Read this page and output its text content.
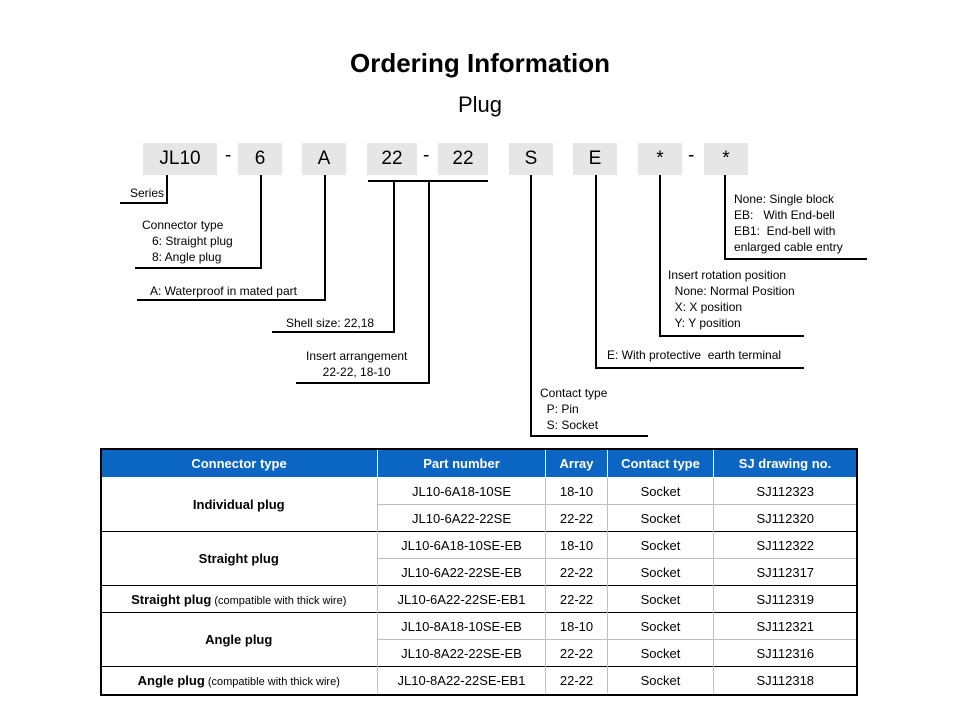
Ordering Information
Plug
JL10	-	6	A	22	-	22	S	E	*	-	*
Series
Connector type
6: Straight plug
8: Angle plug
A: Waterproof in mated part
Shell size: 22,18
Insert arrangement
22-22, 18-10
Contact type
P: Pin
S: Socket
E: With protective  earth terminal
Insert rotation position
None: Normal Position
X: X position
Y: Y position
None: Single block
EB:   With End-bell
EB1:  End-bell with
enlarged cable entry
Connector type	Part number	Array	Contact type	SJ drawing no.
Individual plug	JL10-6A18-10SE	18-10	Socket	SJ112323
	JL10-6A22-22SE	22-22	Socket	SJ112320
Straight plug	JL10-6A18-10SE-EB	18-10	Socket	SJ112322
	JL10-6A22-22SE-EB	22-22	Socket	SJ112317
Straight plug (compatible with thick wire)	JL10-6A22-22SE-EB1	22-22	Socket	SJ112319
Angle plug	JL10-8A18-10SE-EB	18-10	Socket	SJ112321
	JL10-8A22-22SE-EB	22-22	Socket	SJ112316
Angle plug (compatible with thick wire)	JL10-8A22-22SE-EB1	22-22	Socket	SJ112318
